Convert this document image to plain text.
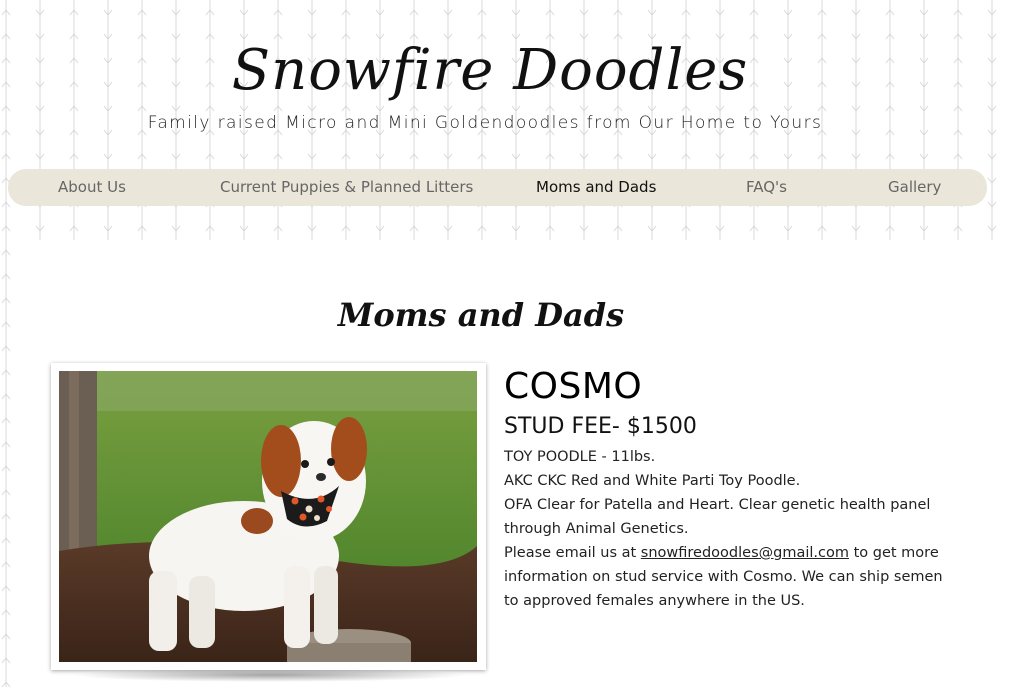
Snowfire Doodles
Family raised Micro and Mini Goldendoodles from Our Home to Yours
About Us	Current Puppies & Planned Litters	Moms and Dads	FAQ's	Gallery
Moms and Dads
COSMO
STUD FEE- $1500

TOY POODLE - 11lbs.

AKC CKC Red and White Parti Toy Poodle.

OFA Clear for Patella and Heart. Clear genetic health panel through Animal Genetics.

Please email us at snowfiredoodles@gmail.com to get more information on stud service with Cosmo. We can ship semen to approved females anywhere in the US.
